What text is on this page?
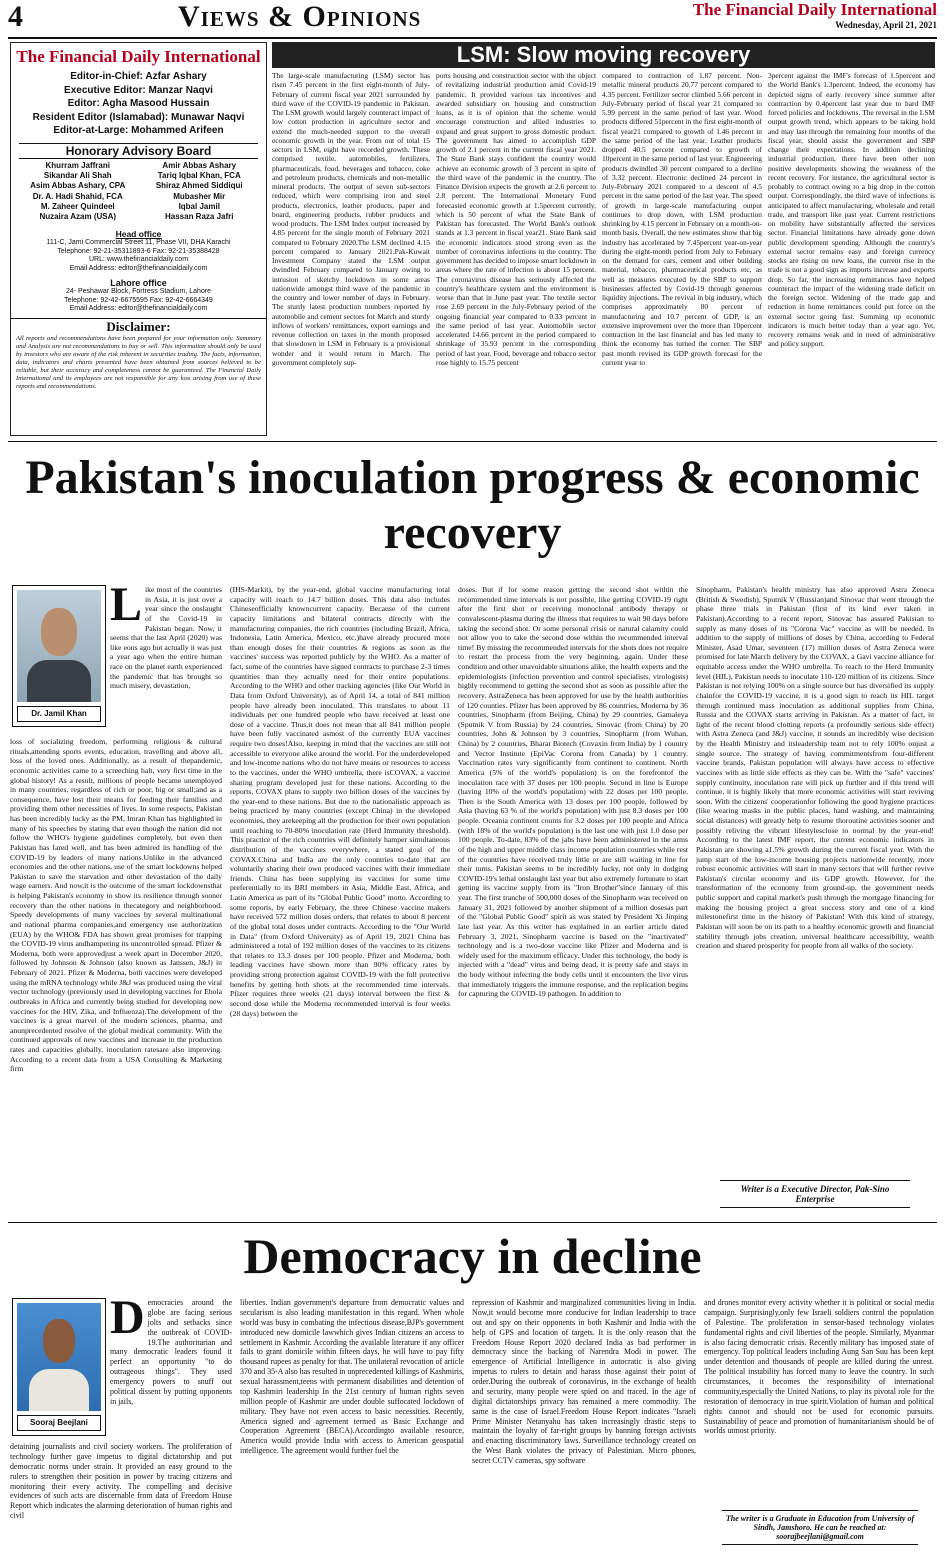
4	Views & Opinions	The Financial Daily International
Wednesday, April 21, 2021
The Financial Daily International
Editor-in-Chief: Azfar Ashary
Executive Editor: Manzar Naqvi
Editor: Agha Masood Hussain
Resident Editor (Islamabad): Munawar Naqvi
Editor-at-Large: Mohammed Arifeen
Honorary Advisory Board
Khurram Jaffrani
Sikandar Ali Shah
Asim Abbas Ashary, CPA
Dr. A. Hadi Shahid, FCA
M. Zaheer Quindeel
Nuzaira Azam (USA)
Amir Abbas Ashary
Tariq Iqbal Khan, FCA
Shiraz Ahmed Siddiqui
Mubasher Mir
Iqbal Jamil
Hassan Raza Jafri
Head office
111-C, Jami Commercial Street 11, Phase VII, DHA Karachi
Telephone: 92-21-35311893-6 Fax: 92-21-35388428
URL: www.thefinancialdaily.com
Email Address: editor@thefinancialdaily.com
Lahore office
24- Peshawar Block, Fortress Stadium, Lahore
Telephone: 92-42-6675595 Fax: 92-42-6664349
Email Address: editor@thefinancialdaily.com
Disclaimer:
All reports and recommendations have been prepared for your information only. Summary and Analysis are not recommendations to buy or sell. This information should only be used by investors who are aware of the risk inherent in securities trading. The facts, information, data, indicators and charts presented have been obtained from sources believed to be reliable, but their accuracy and completeness cannot be guaranteed. The Financial Daily International and its employees are not responsible for any loss arising from use of these reports and recommendations.
LSM: Slow moving recovery
The large-scale manufacturing (LSM) sector has risen 7.45 percent in the first eight-month of July- February of current fiscal year 2021 surrounded by third wave of the COVID-19 pandemic in Pakistan. The LSM growth would largely counteract impact of low cotton production in agriculture sector and extend the much-needed support to the overall economic growth in the year. From out of total 15 sectors in LSM, eight have recorded growth. These comprised textile, automobiles, fertilizers, pharmaceuticals, food, beverages and tobacco, coke and petroleum products, chemicals and non-metallic mineral products. The output of seven sub-sectors reduced, which were comprising iron and steel products, electronics, leather products, paper and board, engineering products, rubber products and wood products. The LSM Index output increased by 4.85 percent for the single month of February 2021 compared to February 2020.The LSM declined 4.15 percent compared to January 2021.Pak-Kuwait Investment Company stated the LSM output dwindled February compared to January owing to intrusion of sketchy lockdown in some areas nationwide amongst third wave of the pandemic in the country and lower number of days in February. The sturdy latest production numbers reported by automobile and cement sectors for March and sturdy inflows of workers' remittances, export earnings and revenue collection on taxes in the month proposed that slowdown in LSM in February is a provisional wonder and it would return in March. The government completely sup-
ports housing and construction sector with the object of revitalizing industrial production amid Covid-19 pandemic. It provided various tax incentives and awarded subsidiary on housing and construction loans, as it is of opinion that the scheme would encourage construction and allied industries to expand and great support to gross domestic product. The government has aimed to accomplish GDP growth of 2.1 percent in the current fiscal year 2021. The State Bank stays confident the country would achieve an economic growth of 3 percent in spite of the third wave of the pandemic in the country. The Finance Division expects the growth at 2.6 percent to 2.8 percent. The International Monetary Fund forecasted economic growth at 1.5percent currently, which is 50 percent of what the State Bank of Pakistan has forecasted. The World Bank's outlook stands at 1.3 percent in fiscal year21. State Bank said the economic indicators stood strong even as the number of coronavirus infections in the country. The government has decided to impose smart lockdown in areas where the rate of infection is about 15 percent. The coronavirus disease has seriously affected the country's healthcare system and the environment is worse than that in June past year. The textile sector rose 2.69 percent in the July-February period of the ongoing financial year compared to 0.33 percent in the same period of last year. Automobile sector accelerated 14.66 percent in the period compared to shrinkage of 35.93 percent in the corresponding period of last year. Food, beverage and tobacco sector rose highly to 15.75 percent
compared to contraction of 1.87 percent. Non-metallic mineral products 20.77 percent compared to 4.35 percent. Fertilizer sector climbed 5.66 percent in July-February period of fiscal year 21 compared to 5.99 percent in the same period of last year. Wood products differed 51percent in the first eight-month of fiscal year21 compared to growth of 1.46 percent in the same period of the last year. Leather products dropped 40.5 percent compared to growth of 10percent in the same period of last year. Engineering products dwindled 30 percent compared to a decline of 3.32 percent. Electronic declined 24 percent in July-February 2021 compared to a descent of 4.5 percent in the same period of the last year. The speed of growth in large-scale manufacturing output continues to drop down, with LSM production shrinking by 4.15 percent in February on a month-on-month basis. Overall, the new estimates show that big industry has accelerated by 7.45percent year-on-year during the eight-month period from July to February on the demand for cars, cement and other building material, tobacco, pharmaceutical products etc, as well as measures executed by the SBP to support businesses affected by Covid-19 through generous liquidity injections. The revival in big industry, which comprises approximately 80 percent of manufacturing and 10.7 percent of GDP, is an extensive improvement over the more than 10percent contraction in the last financial and has led many to think the economy has turned the corner. The SBP past month revised its GDP growth forecast for the current year to
3percent against the IMF's forecast of 1.5percent and the World Bank's 1.3percent. Indeed, the economy has depicted signs of early recovery since summer after contraction by 0.4percent last year due to hard IMF forced policies and lockdowns. The reversal in the LSM output growth trend, which appears to be taking hold and may last through the remaining four months of the fiscal year, should assist the government and SBP change their expectations. In addition declining industrial production, there have been other non positive developments showing the weakness of the recent recovery. For instance, the agricultural sector is probably to contract owing to a big drop in the cotton output. Correspondingly, the third wave of infections is anticipated to affect manufacturing, wholesale and retail trade, and transport like past year. Current restrictions on mobility have substantially affected the services sector. Financial limitations have already gone down public development spending. Although the country's external sector remains easy and foreign currency stocks are rising on new loans, the current rise in the trade is not a good sign as imports increase and exports drop. So far, the increasing remittances have helped counteract the impact of the widening trade deficit on the foreign sector. Widening of the trade gap and reduction in home remittances could put force on the external sector going fast. Summing up economic indicators is much better today than a year ago. Yet, recovery remains weak and in need of administrative and policy support.
Pakistan's inoculation progress & economic recovery
Dr. Jamil Khan
Like most of the countries in Asia, it is just over a year since the onslaught of the Covid-19 in Pakistan began. Now, it seems that the last April (2020) was like eons ago but actually it was just a year ago when the entire human race on the planet earth experienced the pandemic that has brought so much misery, devastation,
loss of socializing freedom, performing religious & cultural rituals,attending sports events, education, travelling and above all, loss of the loved ones. Additionally, as a result of thepandemic, economic activities came to a screeching halt, very first time in the global history! As a result, millions of people became unemployed in many countries, regardless of rich or poor, big or small;and as a consequence, have lost their means for feeding their families and providing them other necessities of lives. In some respects, Pakistan has been incredibly lucky as the PM, Imran Khan has highlighted in many of his speeches by stating that even though the nation did not follow the WHO's hygiene guidelines completely, but even then Pakistan has fared well, and has been admired its handling of the COVID-19 by leaders of many nations.Unlike in the advanced economies and the other nations, use of the smart lockdowns helped Pakistan to save the starvation and other devastation of the daily wage earners. And now,it is the outcome of the smart lockdownsthat is helping Pakistan's economy to show its resilience through sooner recovery than the other nations in thecategory and neighborhood. Speedy developments of many vaccines by several multinational and national pharma companies,and emergency use authorization (EUA) by the WHO& FDA has shown great promises for trapping the COVID-19 virus andhampering its uncontrolled spread. Pfizer & Moderna, both were approvedjust a week apart in December 2020, followed by Johnson & Johnson (also known as Janssen, J&J) in February of 2021. Pfizer & Moderna, both vaccines were developed using the mRNA technology while J&J was produced using the viral vector technology (previously used in developing vaccines for Ebola outbreaks in Africa and currently being studied for developing new vaccines for the HIV, Zika, and Influenza).The development of the vaccines is a great marvel of the modern sciences, pharma, and anunprecedented resolve of the global medical community. With the continued approvals of new vaccines and increase in the production rates and capacities globally, inoculation ratesare also improving. According to a recent data from a USA Consulting & Marketing firm
(IHS-Markit), by the year-end, global vaccine manufacturing total capacity will reach to 14.7 billion doses. This data also includes Chineseofficially knowncurrent capacity. Because of the current capacity limitations and bilateral contracts directly with the manufacturing companies, the rich countries (including Brazil, Africa, Indonesia, Latin America, Mexico, etc.)have already procured more than enough doses for their countries & regions as soon as the vaccines' success was reported publicly by the WHO. As a matter of fact, some of the countries have signed contracts to purchase 2-3 times quantities than they actually need for their entire populations. According to the WHO and other tracking agencies (like Our World in Data from Oxford University), as of April 14, a total of 841 million people have already been inoculated. This translates to about 11 individuals per one hundred people who have received at least one dose of a vaccine. Thus,it does not mean that all 841 million people have been fully vaccinated asmost of the currently EUA vaccines require two doses!Also, keeping in mind that the vaccines are still not accessible to everyone alike around the world. For the underdeveloped and low-income nations who do not have means or resources to access to the vaccines, under the WHO umbrella, there isCOVAX, a vaccine sharing program developed just for these nations. According to the reports, COVAX plans to supply two billion doses of the vaccines by the year-end to these nations. But due to the nationalistic approach as being practiced by many countries (except China) in the developed economies, they arekeeping all the production for their own population until reaching to 70-80% inoculation rate (Herd Immunity threshold). This practice of the rich countries will definitely hamper simultaneous distribution of the vaccines everywhere, a stated goal of the COVAX.China and India are the only countries to-date that are voluntarily sharing their own produced vaccines with their immediate friends. China has been supplying its vaccines for some time preferentially to its BRI members in Asia, Middle East, Africa, and Latin America as part of its "Global Public Good" motto. According to some reports, by early February, the three Chinese vaccine makers have received 572 million doses orders, that relates to about 8 percent of the global total doses under contracts. According to the "Our World in Data" (from Oxford University) as of April 19, 2021 China has administered a total of 192 million doses of the vaccines to its citizens that relates to 13.3 doses per 100 people. Pfizer and Moderna, both leading vaccines have shown more than 90% efficacy rates by providing strong protection against COVID-19 with the full protective benefits by getting both shots at the recommended time intervals. Pfizer requires three weeks (21 days) interval between the first & second dose while the Moderna recommended interval is four weeks (28 days) between the
doses. But if for some reason getting the second shot within the recommended time intervals is not possible, like getting COVID-19 right after the first shot or receiving monoclonal antibody therapy or convalescent-plasma during the illness that requires to wait 90 days before taking the second shot. Or some personal crisis or natural calamity could not allow you to take the second dose within the recommended interval time! By missing the recommended intervals for the shots does not require to restart the process from the very beginning, again. Under these condition and other unavoidable situations alike, the health experts and the epidemiologists (infection prevention and control specialists, virologists) highly recommend to getting the second shot as soon as possible after the recovery. AstraZeneca has been approved for use by the health authorities of 120 counties. Pfizer has been approved by 86 countries, Moderna by 36 countries, Sinopharm (from Beijing, China) by 29 countries, Gamaleya (Sputnik V from Russia) by 24 countries, Sinovac (from China) by 20 countries, John & Johnson by 3 countries, Sinopharm (from Wuhan, China) by 2 countries, Bharat Biotech (Covaxin from India) by 1 country and Vector Institute (EpiVac Corona from Canada) by 1 country. Vaccination rates vary significantly from continent to continent. North America (5% of the world's population) is on the forefrontof the inoculation race with 37 doses per 100 people. Second in line is Europe (having 10% of the world's population) with 22 doses per 100 people. Then is the South America with 13 doses per 100 people, followed by Asia (having 63 % of the world's population) with just 8.3 doses per 100 people. Oceania continent counts for 3.2 doses per 100 people and Africa (with 18% of the world's population) is the last one with just 1.0 dose per 100 people. To-date, 83% of the jabs have been administered in the arms of the high and upper middle class income population countries while rest of the countries have received truly little or are still waiting in line for their turns. Pakistan seems to be incredibly lucky, not only in dodging COVID-19's lethal onslaught last year but also extremely fortunate to start getting its vaccine supply from its "Iron Brother"since January of this year. The first tranche of 500,000 doses of the Sinopharm was received on January 31, 2021 followed by another shipment of a million dosesas part of the "Global Public Good" spirit as was stated by President Xi Jinping late last year. As this writer has explained in an earlier article dated February 3, 2021, Sinopharm vaccine is based on the "inactivated" technology and is a two-dose vaccine like Pfizer and Moderna and is widely used for the maximum efficacy. Under this technology, the body is injected with a "dead" virus and being dead, it is pretty safe and stays in the body without infecting the body cells until it encounters the live virus that immediately triggers the immune response, and the replication begins for capturing the COVID-19 pathogen. In addition to
Sinopharm, Pakistan's health ministry has also approved Astra Zeneca (British & Swedish), Sputnik V (Russian)and Sinovac that went through the phase three trials in Pakistan (first of its kind ever taken in Pakistan).According to a recent report, Sinovac has assured Pakistan to supply as many doses of its "Corona Vac" vaccine as will be needed. In addition to the supply of millions of doses by China, according to Federal Minister, Asad Umar, seventeen (17) million doses of Astra Zeneca were promised for late March delivery by the COVAX, a Gavi vaccine alliance for equitable access under the WHO umbrella. To reach to the Herd Immunity level (HIL), Pakistan needs to inoculate 110-120 million of its citizens. Since Pakistan is not relying 100% on a single source but has diversified its supply chainfor the COVID-19 vaccine, it is a good sign to reach its HIL target through continued mass inoculation as additional supplies from China, Russia and the COVAX starts arriving in Pakistan. As a matter of fact, in light of the recent blood clotting reports (a profoundly serious side effect) with Astra Zeneca (and J&J) vaccine, it sounds an incredibly wise decision by the Health Ministry and itsleadership team not to rely 100% onjust a single source. The strategy of having commitmentsfrom four-different vaccine brands, Pakistan population will always have access to effective vaccines with as little side effects as they can be. With the "safe" vaccines' supply continuity, inoculation rate will pick up further and if this trend will continue, it is highly likely that more economic activities will start reviving soon. With the citizens' cooperationfor following the good hygiene practices (like wearing masks in the public places, hand washing, and maintaining social distances) will greatly help to resume thoroutine activities sooner and possibly reliving the vibrant lifestylesclose to normal by the year-end! According to the latest IMF report, the current economic indicators in Pakistan are showing a1.5% growth during the current fiscal year. With the jump start of the low-income housing projects nationwide recently, more robust economic activities will start in many sectors that will further revive Pakistan's circular economy and its GDP growth. However, for the transformation of the economy from ground-up, the government needs public support and capital market's push through the mortgage financing for making the housing project a great success story and one of a kind milestonefirst time in the history of Pakistan! With this kind of strategy, Pakistan will soon be on its path to a healthy economic growth and financial stability through jobs creation, universal healthcare accessibility, wealth creation and shared prosperity for people from all walks of the society.
Writer is a Executive Director, Pak-Sino Enterprise
Democracy in decline
Sooraj Beejlani
Democracies around the globe are facing serious jolts and setbacks since the outbreak of COVID- 19.The authoritarian and many democratic leaders found it perfect an opportunity "to do outrageous things". They used emergency powers to snuff out political dissent by putting opponents in jails,
detaining journalists and civil society workers. The proliferation of technology further gave impetus to digital dictatorship and put democratic norms under strain. It provided an easy ground to the rulers to strengthen their position in power by tracing citizens and monitoring their every activity. The compelling and decisive evidences of such acts are discernable from data of Freedom House Report which indicates the alarming deterioration of human rights and civil
liberties. Indian government's departure from democratic values and secularism is also leading manifestation in this regard. When whole world was busy in combating the infectious disease,BJP's government introduced new domicile lawwhich gives Indian citizens an access to settlement in Kashmir. According the available literature if any officer fails to grant domicile within fifteen days, he will have to pay fifty thousand rupees as penalty for that. The unilateral revocation of article 370 and 35-A also has resulted in unprecedented killings of Kashmiris, sexual harassment,teens with permanent disabilities and detention of top Kashmiri leadership In the 21st century of human rights seven million people of Kashmir are under double suffocated lockdown of military. They have not even access to basic necessities. Recently, America signed and agreement termed as Basic Exchange and Cooperation Agreement (BECA).Accordingto available resource, America would provide India with access to American geospatial intelligence. The agreement would further fuel the
repression of Kashmir and marginalized communities living in India. Now,it would become more conducive for Indian leadership to trace out and spy on their opponents in both Kashmir and India with the help of GPS and location of targets. It is the only reason that the Freedom House Report 2020 declared India as bad performer in democracy since the backing of Narendra Modi in power. The emergence of Artificial Intelligence in autocratic is also giving impetus to rulers to detain and harass those against their point of order.During the outbreak of coronavirus, in the exchange of health and security, many people were spied on and traced. In the age of digital dictatorships privacy has remained a mere commodity. The same is the case of Israel.Freedom House Report indicates "Israeli Prime Minister Netanyahu has taken increasingly drastic steps to maintain the loyalty of far-right groups by banning foreign activists and enacting discriminatory laws. Surveillance technology created on the West Bank violates the privacy of Palestinian. Micro phones, secret CCTV cameras, spy software
and drones monitor every activity whether it is political or social media campaign. Surprisingly,only few Israeli soldiers control the population of Palestine. The proliferation in sensor-based technology violates fundamental rights and civil liberties of the people. Similarly, Myanmar is also facing democratic crisis. Recently military has imposed state of emergency. Top political leaders including Aung San Suu has been kept under detention and thousands of people are killed during the unrest. The political instability has forced many to leave the country. In such circumstances, it becomes the responsibility of international community,especially the United Nations, to play its pivotal role for the restoration of democracy in true spirit.Violation of human and political rights cannot and should not be used for economic pursuits. Sustainability of peace and promotion of humanitarianism should be of worlds utmost priority.
The writer is a Graduate in Education from University of Sindh, Jamshoro. He can be reached at: soorajbeejlani@gmail.com
